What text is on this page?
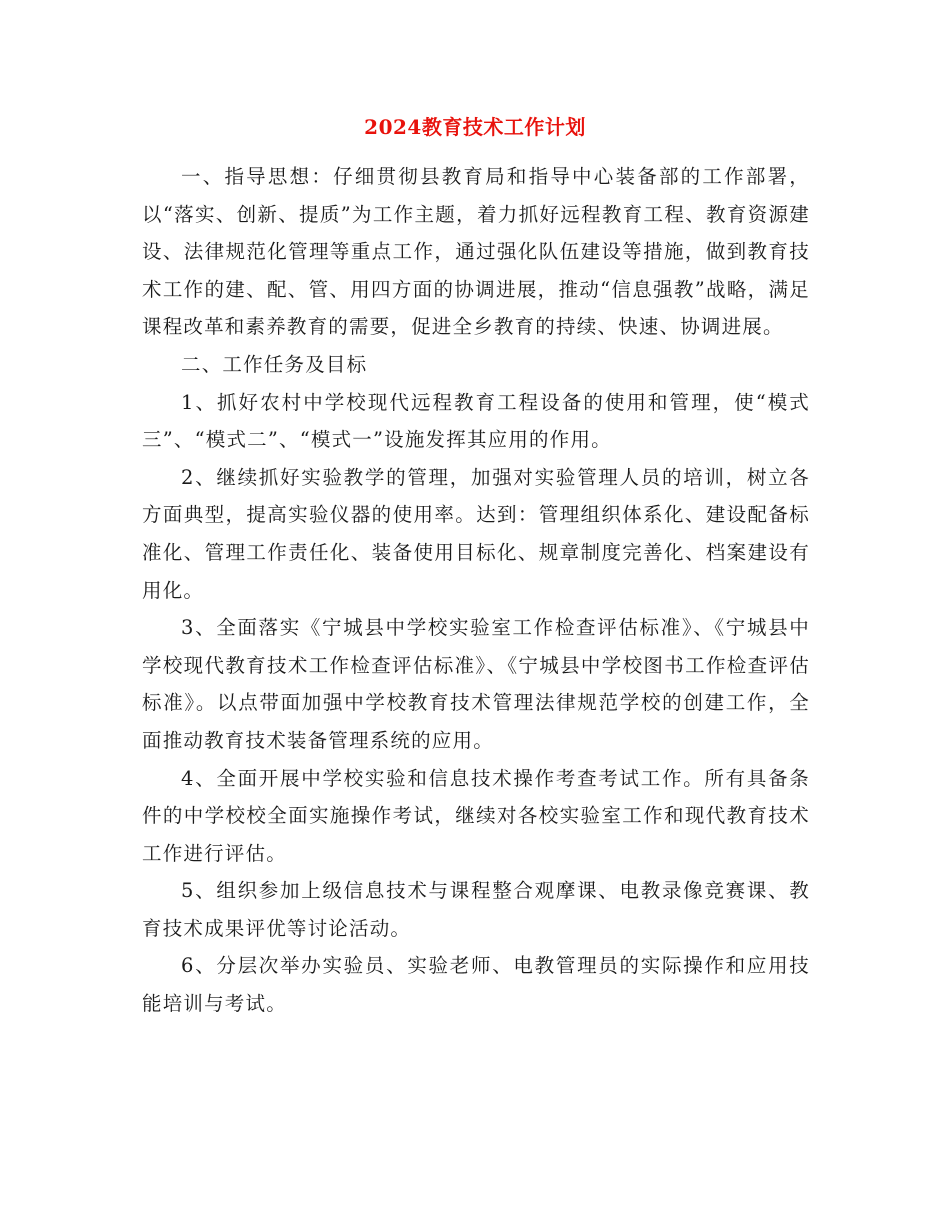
2024教育技术工作计划

一、指导思想：仔细贯彻县教育局和指导中心装备部的工作部署，以“落实、创新、提质”为工作主题，着力抓好远程教育工程、教育资源建设、法律规范化管理等重点工作，通过强化队伍建设等措施，做到教育技术工作的建、配、管、用四方面的协调进展，推动“信息强教”战略，满足课程改革和素养教育的需要，促进全乡教育的持续、快速、协调进展。

二、工作任务及目标

1、抓好农村中学校现代远程教育工程设备的使用和管理，使“模式三”、“模式二”、“模式一”设施发挥其应用的作用。

2、继续抓好实验教学的管理，加强对实验管理人员的培训，树立各方面典型，提高实验仪器的使用率。达到：管理组织体系化、建设配备标准化、管理工作责任化、装备使用目标化、规章制度完善化、档案建设有用化。

3、全面落实《宁城县中学校实验室工作检查评估标准》、《宁城县中学校现代教育技术工作检查评估标准》、《宁城县中学校图书工作检查评估标准》。以点带面加强中学校教育技术管理法律规范学校的创建工作，全面推动教育技术装备管理系统的应用。

4、全面开展中学校实验和信息技术操作考查考试工作。所有具备条件的中学校校全面实施操作考试，继续对各校实验室工作和现代教育技术工作进行评估。

5、组织参加上级信息技术与课程整合观摩课、电教录像竞赛课、教育技术成果评优等讨论活动。

6、分层次举办实验员、实验老师、电教管理员的实际操作和应用技能培训与考试。
